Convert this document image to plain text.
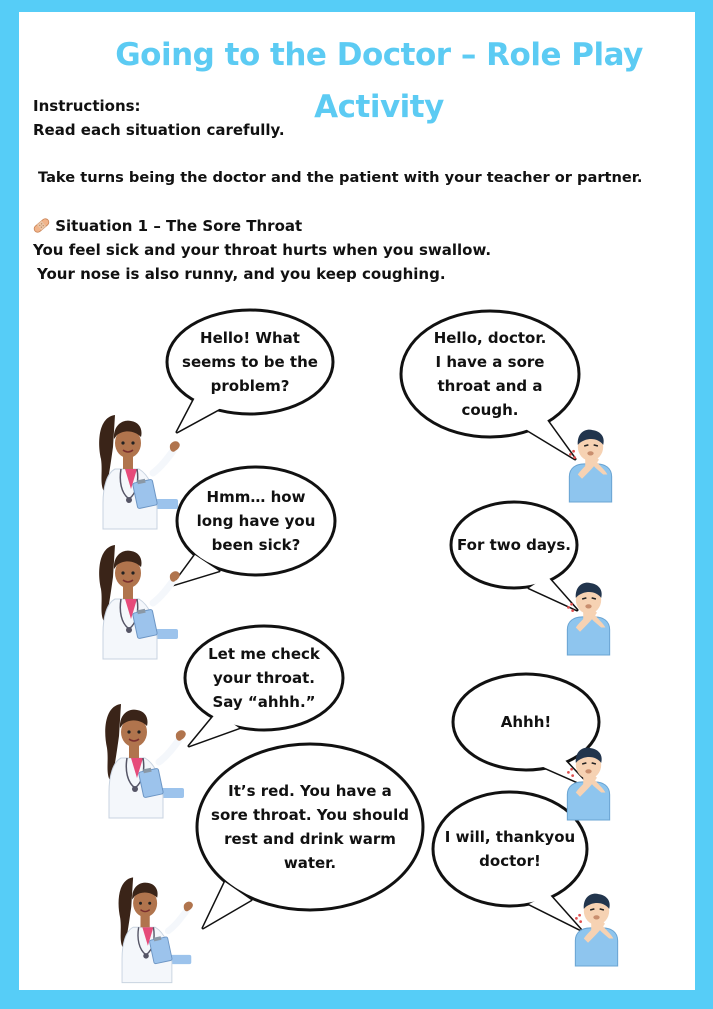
Going to the Doctor – Role Play
Activity
Instructions:
Read each situation carefully.
Take turns being the doctor and the patient with your teacher or partner.
Situation 1 – The Sore Throat
You feel sick and your throat hurts when you swallow.
Your nose is also runny, and you keep coughing.
Hello! What
seems to be the
problem?
Hello, doctor.
I have a sore
throat and a
cough.
Hmm… how
long have you
been sick?	For two days.
Let me check
your throat.
Say “ahhh.”
Ahhh!
It’s red. You have a
sore throat. You should
rest and drink warm
water.
I will, thankyou
doctor!
